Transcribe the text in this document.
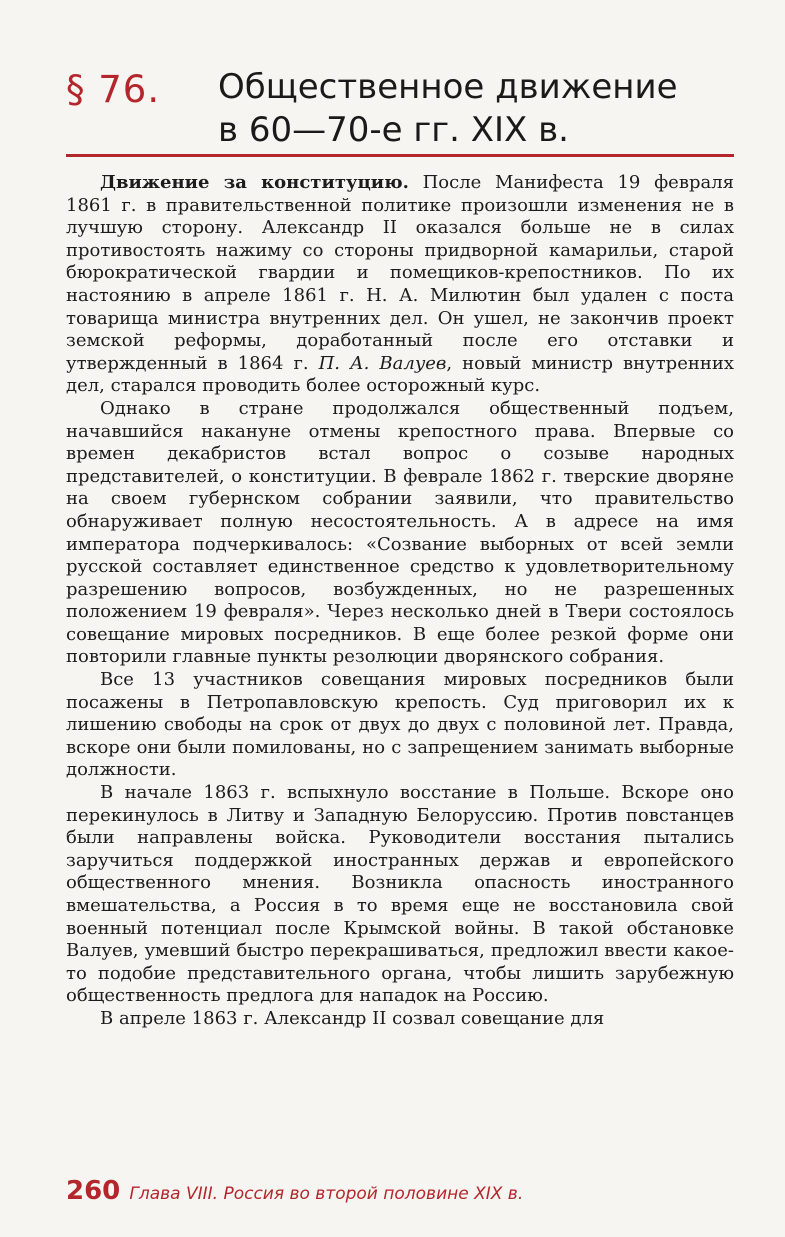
§ 76. Общественное движение
в 60—70-е гг. XIX в.

Движение за конституцию. После Манифеста 19 февраля 1861 г. в правительственной политике произошли изменения не в лучшую сторону. Александр II оказался больше не в силах противостоять нажиму со стороны придворной камарильи, старой бюрократической гвардии и помещиков-крепостников. По их настоянию в апреле 1861 г. Н. А. Милютин был удален с поста товарища министра внутренних дел. Он ушел, не закончив проект земской реформы, доработанный после его отставки и утвержденный в 1864 г. П. А. Валуев, новый министр внутренних дел, старался проводить более осторожный курс.

Однако в стране продолжался общественный подъем, начавшийся накануне отмены крепостного права. Впервые со времен декабристов встал вопрос о созыве народных представителей, о конституции. В феврале 1862 г. тверские дворяне на своем губернском собрании заявили, что правительство обнаруживает полную несостоятельность. А в адресе на имя императора подчеркивалось: «Созвание выборных от всей земли русской составляет единственное средство к удовлетворительному разрешению вопросов, возбужденных, но не разрешенных положением 19 февраля». Через несколько дней в Твери состоялось совещание мировых посредников. В еще более резкой форме они повторили главные пункты резолюции дворянского собрания.

Все 13 участников совещания мировых посредников были посажены в Петропавловскую крепость. Суд приговорил их к лишению свободы на срок от двух до двух с половиной лет. Правда, вскоре они были помилованы, но с запрещением занимать выборные должности.

В начале 1863 г. вспыхнуло восстание в Польше. Вскоре оно перекинулось в Литву и Западную Белоруссию. Против повстанцев были направлены войска. Руководители восстания пытались заручиться поддержкой иностранных держав и европейского общественного мнения. Возникла опасность иностранного вмешательства, а Россия в то время еще не восстановила свой военный потенциал после Крымской войны. В такой обстановке Валуев, умевший быстро перекрашиваться, предложил ввести какое-то подобие представительного органа, чтобы лишить зарубежную общественность предлога для нападок на Россию.

В апреле 1863 г. Александр II созвал совещание для

260 Глава VIII. Россия во второй половине XIX в.
